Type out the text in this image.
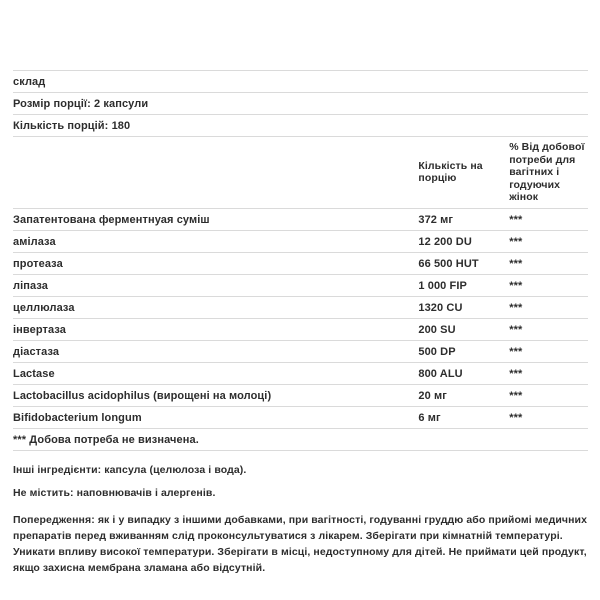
склад		
Розмір порції: 2 капсули		
Кількість порцій: 180		
	Кількість на порцію	% Від добової потреби для вагітних і годуючих жінок
Запатентована ферментнуая суміш	372 мг	***
амілаза	12 200 DU	***
протеаза	66 500 HUT	***
ліпаза	1 000 FIP	***
целлюлаза	1320 CU	***
інвертаза	200 SU	***
діастаза	500 DP	***
Lactase	800 ALU	***
Lactobacillus acidophilus (вирощені на молоці)	20 мг	***
Bifidobacterium longum	6 мг	***
*** Добова потреба не визначена.		

Інші інгредієнти: капсула (целюлоза і вода).

Не містить: наповнювачів і алергенів.

Попередження: як і у випадку з іншими добавками, при вагітності, годуванні груддю або прийомі медичних препаратів перед вживанням слід проконсультуватися з лікарем. Зберігати при кімнатній температурі. Уникати впливу високої температури. Зберігати в місці, недоступному для дітей. Не приймати цей продукт, якщо захисна мембрана зламана або відсутній.
